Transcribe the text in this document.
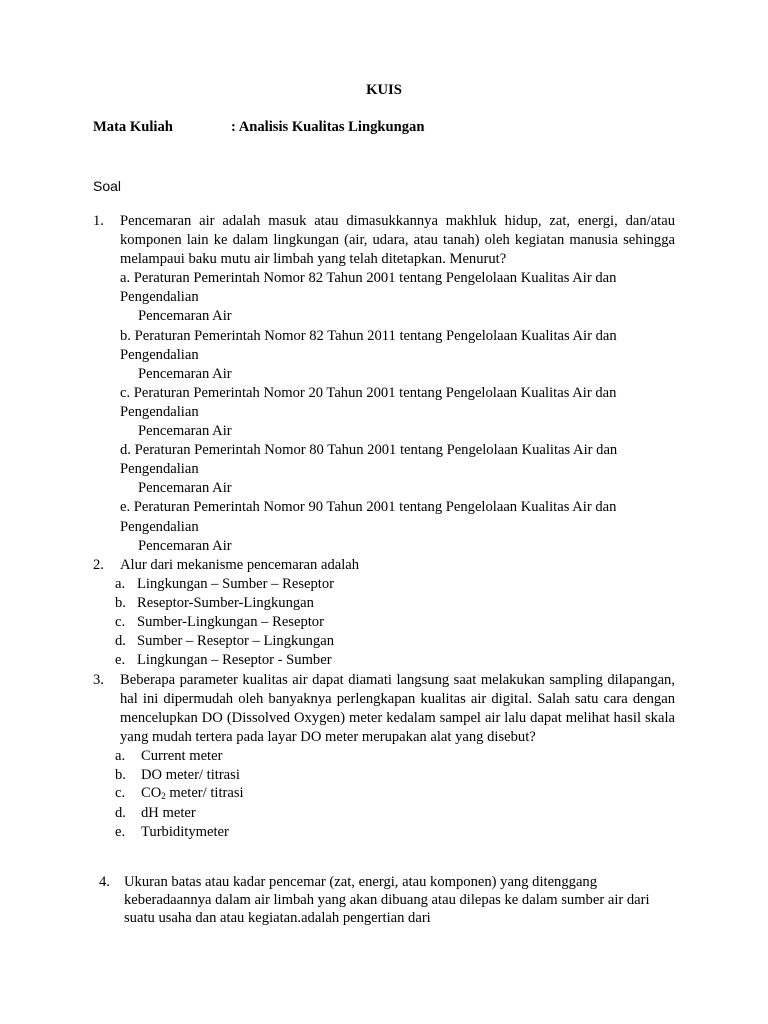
KUIS
Mata Kuliah	: Analisis Kualitas Lingkungan
Soal
1. Pencemaran air adalah masuk atau dimasukkannya makhluk hidup, zat, energi, dan/atau komponen lain ke dalam lingkungan (air, udara, atau tanah) oleh kegiatan manusia sehingga melampaui baku mutu air limbah yang telah ditetapkan. Menurut?
a. Peraturan Pemerintah Nomor 82 Tahun 2001 tentang Pengelolaan Kualitas Air dan
Pengendalian
Pencemaran Air
b. Peraturan Pemerintah Nomor 82 Tahun 2011 tentang Pengelolaan Kualitas Air dan
Pengendalian
Pencemaran Air
c. Peraturan Pemerintah Nomor 20 Tahun 2001 tentang Pengelolaan Kualitas Air dan
Pengendalian
Pencemaran Air
d. Peraturan Pemerintah Nomor 80 Tahun 2001 tentang Pengelolaan Kualitas Air dan
Pengendalian
Pencemaran Air
e. Peraturan Pemerintah Nomor 90 Tahun 2001 tentang Pengelolaan Kualitas Air dan
Pengendalian
Pencemaran Air
2. Alur dari mekanisme pencemaran adalah
a. Lingkungan – Sumber – Reseptor
b. Reseptor-Sumber-Lingkungan
c. Sumber-Lingkungan – Reseptor
d. Sumber – Reseptor – Lingkungan
e. Lingkungan – Reseptor - Sumber
3. Beberapa parameter kualitas air dapat diamati langsung saat melakukan sampling dilapangan, hal ini dipermudah oleh banyaknya perlengkapan kualitas air digital. Salah satu cara dengan mencelupkan DO (Dissolved Oxygen) meter kedalam sampel air lalu dapat melihat hasil skala yang mudah tertera pada layar DO meter merupakan alat yang disebut?
a. Current meter
b. DO meter/ titrasi
c. $CO_2$ meter/ titrasi
d. dH meter
e. Turbiditymeter
4. Ukuran batas atau kadar pencemar (zat, energi, atau komponen) yang ditenggang keberadaannya dalam air limbah yang akan dibuang atau dilepas ke dalam sumber air dari suatu usaha dan atau kegiatan.adalah pengertian dari
